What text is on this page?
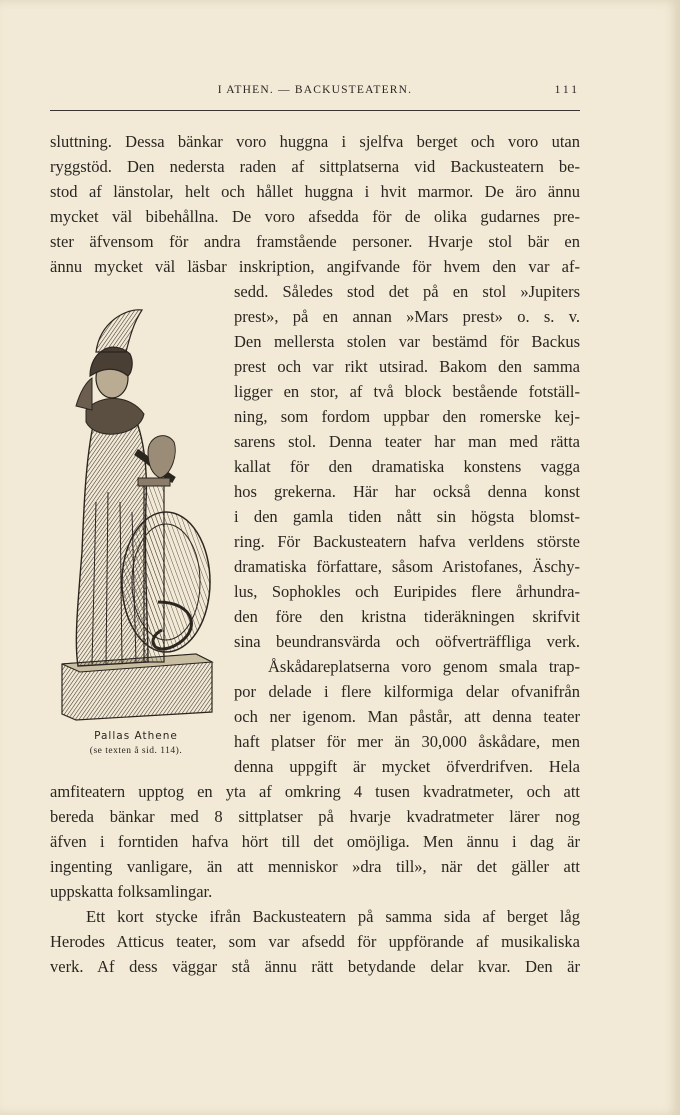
I ATHEN. — BACKUSTEATERN.	111
sluttning. Dessa bänkar voro huggna i sjelfva berget och voro utan
ryggstöd. Den nedersta raden af sittplatserna vid Backusteatern be-
stod af länstolar, helt och hållet huggna i hvit marmor. De äro ännu
mycket väl bibehållna. De voro afsedda för de olika gudarnes pre-
ster äfvensom för andra framstående personer. Hvarje stol bär en
ännu mycket väl läsbar inskription, angifvande för hvem den var af-
sedd. Således stod det på en stol »Jupiters
prest», på en annan »Mars prest» o. s. v.
Den mellersta stolen var bestämd för Backus
prest och var rikt utsirad. Bakom den samma
ligger en stor, af två block bestående fotställ-
ning, som fordom uppbar den romerske kej-
sarens stol. Denna teater har man med rätta
kallat för den dramatiska konstens vagga
hos grekerna. Här har också denna konst
i den gamla tiden nått sin högsta blomst-
ring. För Backusteatern hafva verldens störste
dramatiska författare, såsom Aristofanes, Äschy-
lus, Sophokles och Euripides flere århundra-
den före den kristna tideräkningen skrifvit
sina beundransvärda och oöfverträffliga verk.
Åskådareplatserna voro genom smala trap-
por delade i flere kilformiga delar ofvanifrån
och ner igenom. Man påstår, att denna teater
haft platser för mer än 30,000 åskådare, men
denna uppgift är mycket öfverdrifven. Hela
amfiteatern upptog en yta af omkring 4 tusen kvadratmeter, och att
bereda bänkar med 8 sittplatser på hvarje kvadratmeter lärer nog
äfven i forntiden hafva hört till det omöjliga. Men ännu i dag är
ingenting vanligare, än att menniskor »dra till», när det gäller att
uppskatta folksamlingar.
Ett kort stycke ifrån Backusteatern på samma sida af berget låg
Herodes Atticus teater, som var afsedd för uppförande af musikaliska
verk. Af dess väggar stå ännu rätt betydande delar kvar. Den är
Pallas Athene
(se texten å sid. 114).
